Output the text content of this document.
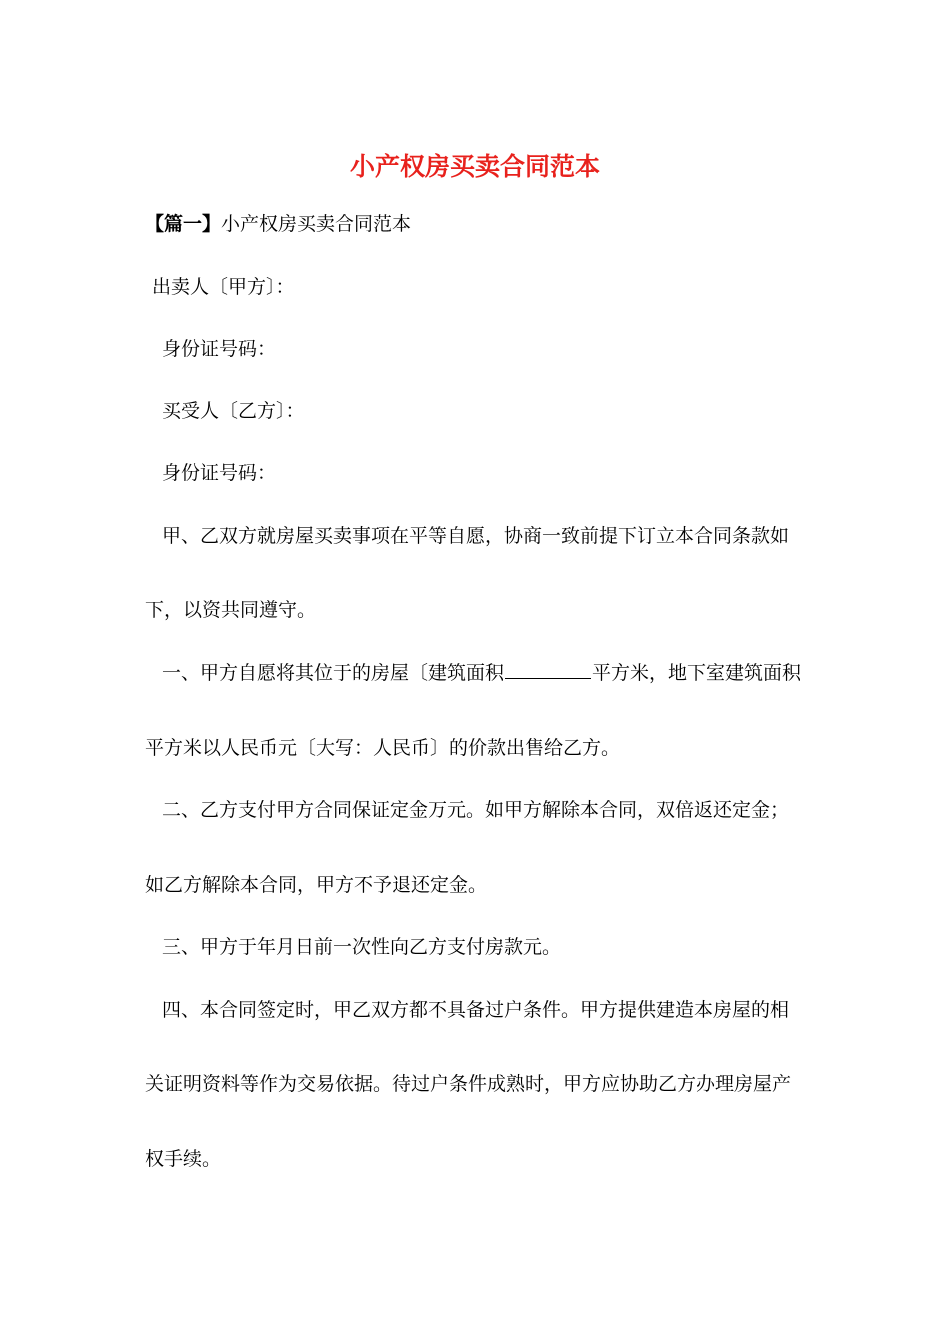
小产权房买卖合同范本
【篇一】小产权房买卖合同范本
出卖人〔甲方〕：
身份证号码：
买受人〔乙方〕：
身份证号码：
甲、乙双方就房屋买卖事项在平等自愿，协商一致前提下订立本合同条款如
下，以资共同遵守。
一、甲方自愿将其位于的房屋〔建筑面积	平方米，地下室建筑面积
平方米以人民币元〔大写：人民币〕的价款出售给乙方。
二、乙方支付甲方合同保证定金万元。如甲方解除本合同，双倍返还定金；
如乙方解除本合同，甲方不予退还定金。
三、甲方于年月日前一次性向乙方支付房款元。
四、本合同签定时，甲乙双方都不具备过户条件。甲方提供建造本房屋的相
关证明资料等作为交易依据。待过户条件成熟时，甲方应协助乙方办理房屋产
权手续。
